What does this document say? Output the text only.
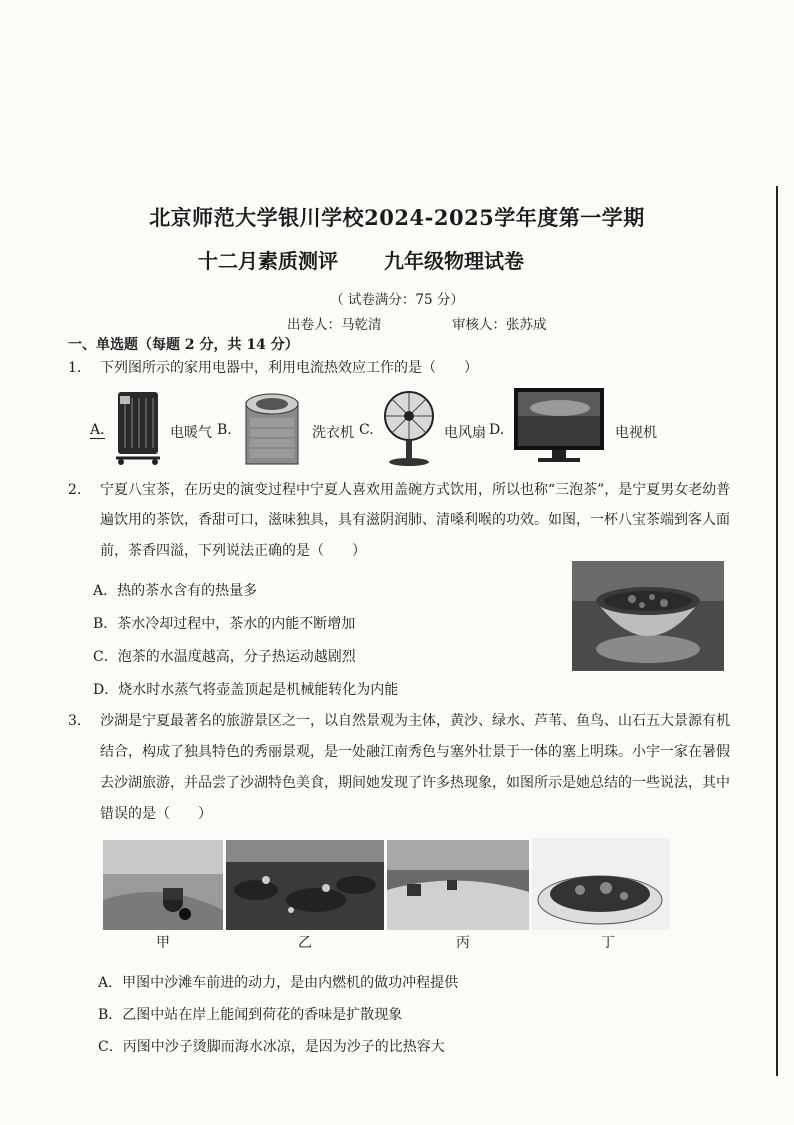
北京师范大学银川学校2024-2025学年度第一学期
十二月素质测评 九年级物理试卷
（ 试卷满分：75 分）
出卷人：马乾清	审核人：张苏成
一、单选题（每题 2 分，共 14 分）
1. 下列图所示的家用电器中，利用电流热效应工作的是（　　）
A.	电暖气 B.	洗衣机 C.	电风扇 D.	电视机
2. 宁夏八宝茶，在历史的演变过程中宁夏人喜欢用盖碗方式饮用，所以也称“三泡茶”，是宁夏男女老幼普
遍饮用的茶饮，香甜可口，滋味独具，具有滋阴润肺、清嗓利喉的功效。如图，一杯八宝茶端到客人面
前，茶香四溢，下列说法正确的是（　　）
A．热的茶水含有的热量多
B．茶水冷却过程中，茶水的内能不断增加
C．泡茶的水温度越高，分子热运动越剧烈
D．烧水时水蒸气将壶盖顶起是机械能转化为内能
3. 沙湖是宁夏最著名的旅游景区之一，以自然景观为主体，黄沙、绿水、芦苇、鱼鸟、山石五大景源有机
结合，构成了独具特色的秀丽景观，是一处融江南秀色与塞外壮景于一体的塞上明珠。小宇一家在暑假
去沙湖旅游，并品尝了沙湖特色美食，期间她发现了许多热现象，如图所示是她总结的一些说法，其中
错误的是（　　）
甲	乙	丙	丁
A．甲图中沙滩车前进的动力，是由内燃机的做功冲程提供
B．乙图中站在岸上能闻到荷花的香味是扩散现象
C．丙图中沙子烫脚而海水冰凉，是因为沙子的比热容大
